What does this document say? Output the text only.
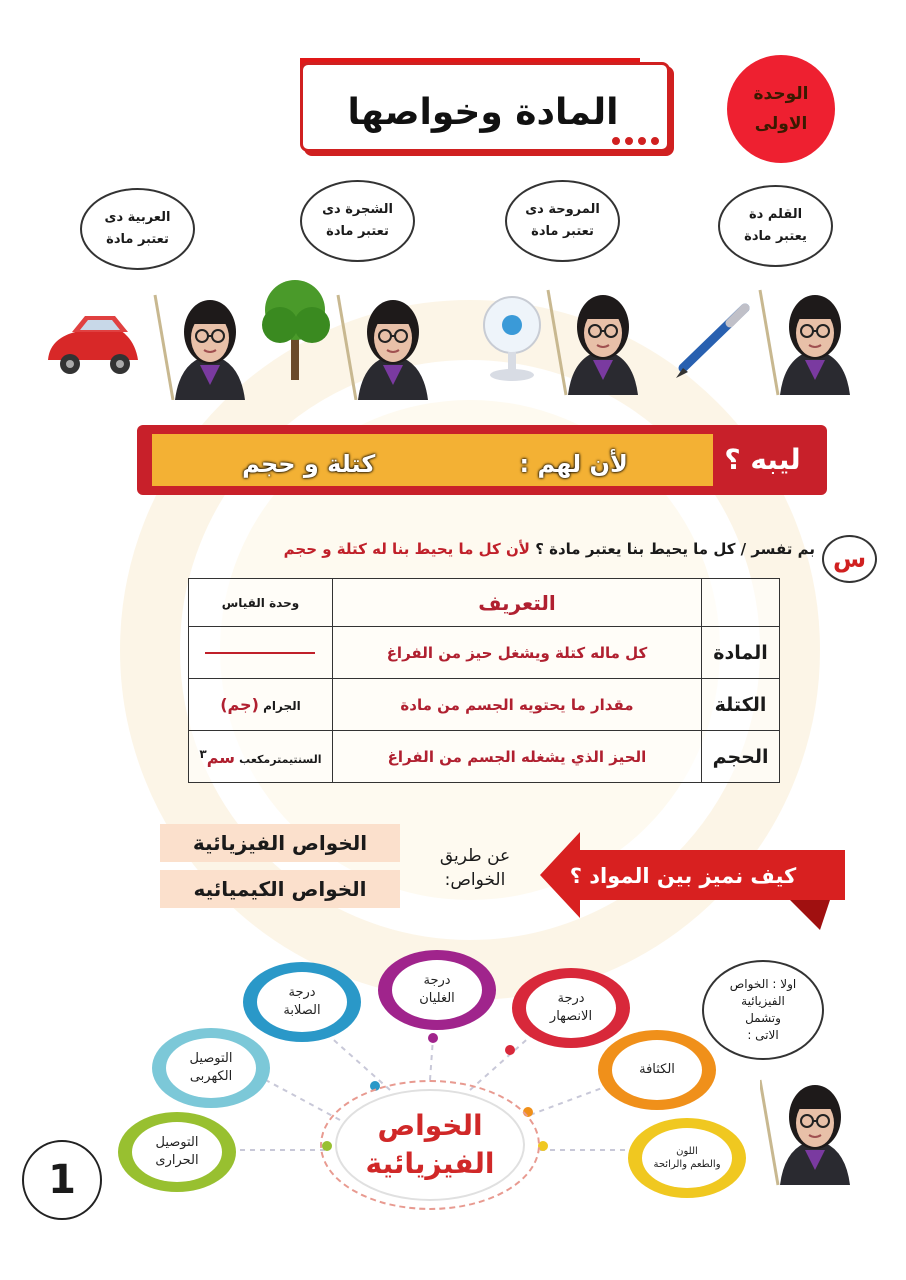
المادة وخواصها	الوحدة
الاولى
القلم دة
يعتبر مادة
المروحة دى
تعتبر مادة
الشجرة دى
تعتبر مادة
العربية دى
تعتبر مادة
ليبه ؟
لأن لهم :
كتلة و حجم
س
بم تفسر / كل ما يحيط بنا يعتبر مادة ؟ لأن كل ما يحيط بنا له كتلة و حجم
	التعريف	وحدة القياس
المادة	كل ماله كتلة ويشغل حيز من الفراغ	
الكتلة	مقدار ما يحتويه الجسم من مادة	الجرام (جم)
الحجم	الحيز الذي يشغله الجسم من الفراغ	السنتيمترمكعب سم$^٣$
كيف نميز بين المواد ؟
عن طريق
الخواص:
الخواص الفيزيائية
الخواص الكيميائيه
اولا : الخواص
الفيزيائية
وتشمل
الاتى :
درجة
الغليان	درجة
الانصهار
درجة
الصلابة
التوصيل
الكهربى	الكثافة
التوصيل
الحرارى
اللون
والطعم والرائحة
الخواص
الفيزيائية
1
